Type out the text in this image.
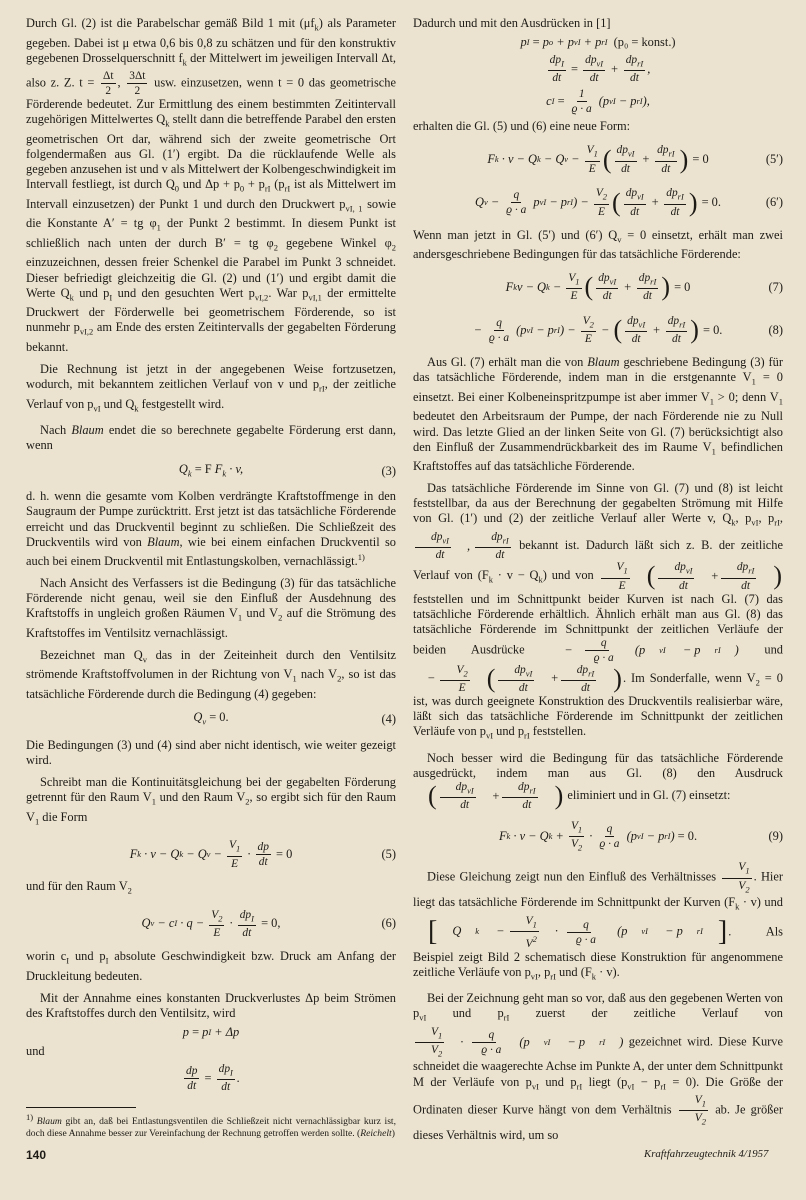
Durch Gl. (2) ist die Parabelschar gemäß Bild 1 mit $(\mu f_k)$ als Parameter gegeben. Dabei ist μ etwa 0,6 bis 0,8 zu schätzen und für den konstruktiv gegebenen Drosselquerschnitt $f_k$ der Mittelwert im jeweiligen Intervall Δt, also z. Z. $t = \frac{\Delta t}{2}$ , $\frac{3\Delta t}{2}$ usw. einzusetzen, wenn t = 0 das geometrische Förderende bedeutet. Zur Ermittlung des einem bestimmten Zeitintervall zugehörigen Mittelwertes $Q_k$ stellt dann die betreffende Parabel den ersten geometrischen Ort dar, während sich der zweite geometrische Ort folgendermaßen aus Gl. (1′) ergibt. Da die rücklaufende Welle als gegeben anzusehen ist und v als Mittelwert der Kolbengeschwindigkeit im Intervall festliegt, ist durch $Q_0$ und $\Delta p + p_0 + p_{rI}$ ($p_{rI}$ ist als Mittelwert im Intervall einzusetzen) der Punkt 1 und durch den Druckwert $p_{vI, 1}$ sowie die Konstante A′ = tg $\varphi_1$ der Punkt 2 bestimmt. In diesem Punkt ist schließlich nach unten der durch B′ = tg $\varphi_2$ gegebene Winkel $\varphi_2$ einzuzeichnen, dessen freier Schenkel die Parabel im Punkt 3 schneidet. Dieser befriedigt gleichzeitig die Gl. (2) und (1′) und ergibt damit die Werte $Q_k$ und $p_I$ und den gesuchten Wert $p_{vI,2}$. War $p_{vI,1}$ der ermittelte Druckwert der Förderwelle bei geometrischem Förderende, so ist nunmehr $p_{vI,2}$ am Ende des ersten Zeitintervalls der gegabelten Förderung bekannt.

Die Rechnung ist jetzt in der angegebenen Weise fortzusetzen, wodurch, mit bekanntem zeitlichen Verlauf von v und $p_{rI}$, der zeitliche Verlauf von $p_{vI}$ und $Q_k$ festgestellt wird.

Nach Blaum endet die so berechnete gegabelte Förderung erst dann, wenn

$Q_k = F$ $F_k \cdot v$,	(3)

d. h. wenn die gesamte vom Kolben verdrängte Kraftstoffmenge in den Saugraum der Pumpe zurücktritt. Erst jetzt ist das tatsächliche Förderende erreicht und das Druckventil beginnt zu schließen. Die Schließzeit des Druckventils wird von Blaum, wie bei einem einfachen Druckventil so auch bei einem Druckventil mit Entlastungskolben, vernachlässigt.$^{1)}$

Nach Ansicht des Verfassers ist die Bedingung (3) für das tatsächliche Förderende nicht genau, weil sie den Einfluß der Ausdehnung des Kraftstoffs in ungleich großen Räumen $V_1$ und $V_2$ auf die Strömung des Kraftstoffes im Ventilsitz vernachlässigt.

Bezeichnet man $Q_v$ das in der Zeiteinheit durch den Ventilsitz strömende Kraftstoffvolumen in der Richtung von $V_1$ nach $V_2$, so ist das tatsächliche Förderende durch die Bedingung (4) gegeben:

$Q_v = 0$.	(4)

Die Bedingungen (3) und (4) sind aber nicht identisch, wie weiter gezeigt wird.

Schreibt man die Kontinuitätsgleichung bei der gegabelten Förderung getrennt für den Raum $V_1$ und den Raum $V_2$, so ergibt sich für den Raum $V_1$ die Form

F k · v − Q k − Q $v - \frac{V_1}{E} \cdot \frac{dp}{dt}$
= 0	(5)

und für den Raum $V_2$

Q v − c $I \cdot q - \frac{V_2}{E} \cdot \frac{dp_I}{dt}$
= 0,	(6)

worin $c_I$ und $p_I$ absolute Geschwindigkeit bzw. Druck am Anfang der Druckleitung bedeuten.

Mit der Annahme eines konstanten Druckverlustes Δp beim Strömen des Kraftstoffes durch den Ventilsitz, wird

p = p I + Δp

und

$\frac{dp}{dt}$
=
$\frac{dp_I}{dt}$ .
$^{1)}$ Blaum gibt an, daß bei Entlastungsventilen die Schließzeit nicht vernachlässigbar kurz ist, doch diese Annahme besser zur Vereinfachung der Rechnung getroffen werden sollte. (Reichelt)

Dadurch und mit den Ausdrücken in [1]

p I
= p o + p vI + p rI
(p₀ = konst.)
$\frac{dp_I}{dt}$
=
$\frac{dp_{vI}}{dt} + \frac{dp_{rI}}{dt}$ ,
c I
=
$\frac{1}{ϱ \cdot a} (p$ vI − p rI ),

erhalten die Gl. (5) und (6) eine neue Form:

F k · v − Q k − Q $v - \frac{V_1}{E}$ ( $\frac{dp_{vI}}{dt} + \frac{dp_{rI}}{dt}$ )
= 0	(5′)
Q $v - \frac{q}{ϱ \cdot a}$ p vI − p rI ) − $\frac{V_2}{E}$ ( $\frac{dp_{vI}}{dt} + \frac{dp_{rI}}{dt}$ )
= 0.	(6′)

Wenn man jetzt in Gl. (5′) und (6′) $Q_v = 0$ einsetzt, erhält man zwei andersgeschriebene Bedingungen für das tatsächliche Förderende:

F k v − Q $k - \frac{V_1}{E}$ ( $\frac{dp_{vI}}{dt} + \frac{dp_{rI}}{dt}$ )
= 0	(7)
− $\frac{q}{ϱ \cdot a} (p$ vI − p rI ) − $\frac{V_2}{E}$ − ( $\frac{dp_{vI}}{dt} + \frac{dp_{rI}}{dt}$ )
= 0.	(8)

Aus Gl. (7) erhält man die von Blaum geschriebene Bedingung (3) für das tatsächliche Förderende, indem man in die erstgenannte $V_1 = 0$ einsetzt. Bei einer Kolbeneinspritzpumpe ist aber immer $V_1 > 0$; denn $V_1$ bedeutet den Arbeitsraum der Pumpe, der nach Förderende nie zu Null wird. Das letzte Glied an der linken Seite von Gl. (7) berücksichtigt also den Einfluß der Zusammendrückbarkeit des im Raume $V_1$ befindlichen Kraftstoffes auf das tatsächliche Förderende.

Das tatsächliche Förderende im Sinne von Gl. (7) und (8) ist leicht feststellbar, da aus der Berechnung der gegabelten Strömung mit Hilfe von Gl. (1′) und (2) der zeitliche Verlauf aller Werte v, $Q_k$, $p_{vI}$, $p_{rI}$,
$\frac{dp_{vI}}{dt}$ , $\frac{dp_{rI}}{dt}$ bekannt ist. Dadurch läßt sich z. B. der zeitliche Verlauf von $(F_k \cdot v - Q_k)$ und von $\frac{V_1}{E}$ ( $\frac{dp_{vI}}{dt} + \frac{dp_{rI}}{dt}$ )
feststellen und im Schnittpunkt beider Kurven ist nach Gl. (7) das tatsächliche Förderende erhältlich. Ähnlich erhält man aus Gl. (8) das tatsächliche Förderende im Schnittpunkt der zeitlichen Verläufe der beiden Ausdrücke	− $\frac{q}{ϱ \cdot a} (p$	vI − p	rI ) und − $\frac{V_2}{E}$ ( $\frac{dp_{vI}}{dt} + \frac{dp_{rI}}{dt}$ ) . Im Sonderfalle, wenn $V_2 = 0$ ist, was durch geeignete Konstruktion des Druckventils realisierbar wäre, läßt sich das tatsächliche Förderende im Schnittpunkt der zeitlichen Verläufe von $p_{vI}$ und $p_{rI}$ feststellen.

Noch besser wird die Bedingung für das tatsächliche Förderende ausgedrückt, indem man aus Gl. (8) den Ausdruck
( $\frac{dp_{vI}}{dt} + \frac{dp_{rI}}{dt}$ ) eliminiert und in Gl. (7) einsetzt:

F k · v − Q $k + \frac{V_1}{V_2} \cdot \frac{q}{ϱ \cdot a} (p$ vI − p rI ) = 0.	(9)

Diese Gleichung zeigt nun den Einfluß des Verhältnisses $\frac{V_1}{V_2}$ . Hier liegt das tatsächliche Förderende im Schnittpunkt der Kurven $(F_k \cdot v)$ und
[ Q	$k - \frac{V_1}{V^2} \cdot \frac{q}{ϱ \cdot a} (p$	vI − p	rI ] . Als Beispiel zeigt Bild 2 schematisch diese Konstruktion für angenommene zeitliche Verläufe von $p_{vI}$, $p_{rI}$ und $(F_k \cdot v)$.

Bei der Zeichnung geht man so vor, daß aus den gegebenen Werten von $p_{vI}$ und $p_{rI}$ zuerst der zeitliche Verlauf von
$\frac{V_1}{V_2} \cdot \frac{q}{ϱ \cdot a} (p$	vI − p	rI ) gezeichnet wird. Diese Kurve schneidet die waagerechte Achse im Punkte A, der unter dem Schnittpunkt M der Verläufe von $p_{vI}$ und $p_{rI}$ liegt $(p_{vI} - p_{rI} = 0)$. Die Größe der Ordinaten dieser Kurve hängt von dem Verhältnis $\frac{V_1}{V_2}$ ab. Je größer dieses Verhältnis wird, um so

140	Kraftfahrzeugtechnik 4/1957
